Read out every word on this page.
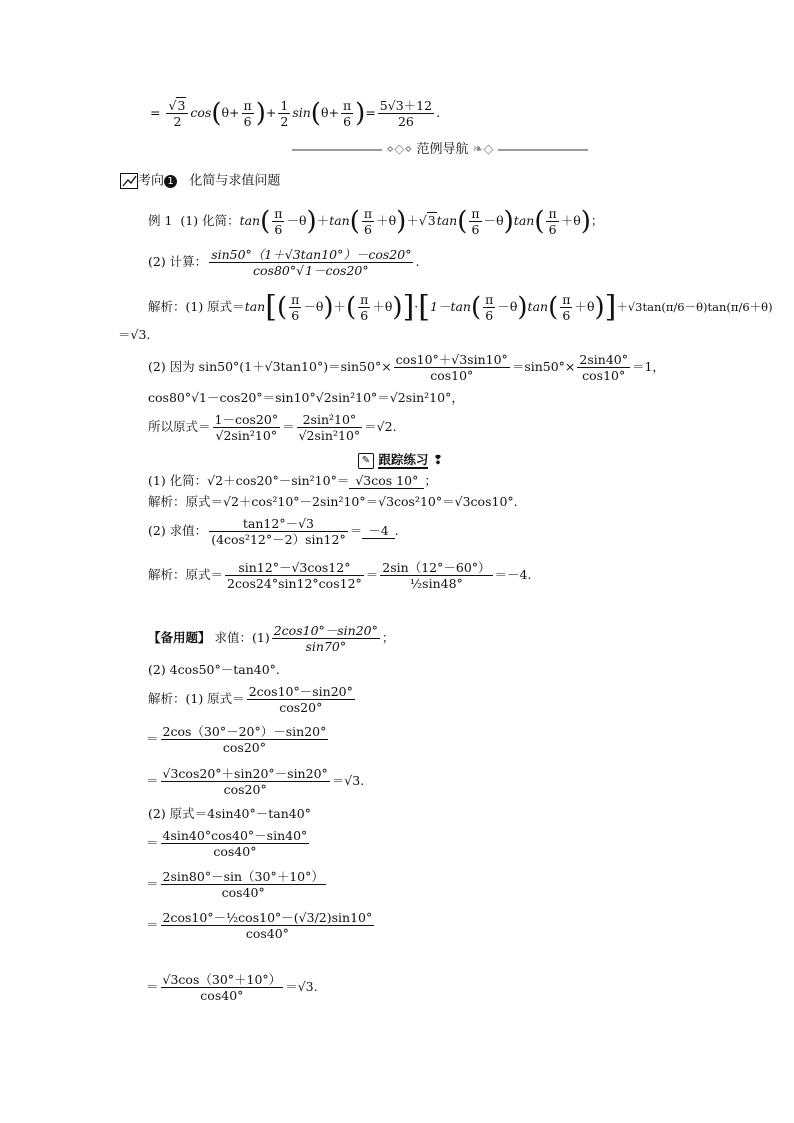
= $\frac{√3}{2} \cos(\theta+ \frac{\pi}{6}$ )+ $\frac{1}{2} \sin(\theta+ \frac{\pi}{6}$ )= $\frac{5√3+12}{26}$ .
⋄◇⋄ 范例导航 ❧◇
考向 1 化简与求值问题
例 1 (1) 化简：$\tan( \frac{\pi}{6} -\theta)+\tan( \frac{\pi}{6} +\theta)+√3\tan( \frac{\pi}{6} -\theta)\tan( \frac{\pi}{6} +\theta)$；
(2) 计算： $\frac{\sin 50^\circ(1+√3\tan 10^\circ)-\cos 20^\circ}{\cos 80^\circ√1-\cos 20^\circ}$ .
解析：(1) 原式$=\tan[( \frac{\pi}{6} -\theta)+( \frac{\pi}{6} +\theta)]\cdot[1-\tan( \frac{\pi}{6} -\theta)\tan( \frac{\pi}{6} +\theta)]+√3\tan(\pi/6-\theta)\tan(\pi/6+\theta)$
＝√3.
(2) 因为 $\sin 50^\circ(1+√3\tan 10^\circ)=\sin 50^\circ\times \frac{\cos 10^\circ+√3\sin 10^\circ}{\cos 10^\circ} =\sin 50^\circ\times \frac{2\sin 40^\circ}{\cos 10^\circ} =1$，
cos80°√1－cos20°＝sin10°√2sin²10°＝√2sin²10°，
所以原式＝ $\frac{1-\cos 20^\circ}{\text{√2sin²10°}} = \frac{\text{2sin²10°}}{\text{√2sin²10°}} =√2$.
✎ 跟踪练习 ❢
(1) 化简：√2＋cos20°－sin²10°＝ √3cos 10° ；
解析：原式＝√2＋cos²10°－2sin²10°＝√3cos²10°＝√3cos10°.
(2) 求值： $\frac{\tan 12^\circ-√3}{\text{(4cos²12°－2）sin12°}} = -4$ .
解析：原式＝ $\frac{\sin 12^\circ-√3\cos 12^\circ}{2\cos 24^\circ\sin 12^\circ\cos 12^\circ} = \frac{2\sin(12^\circ-60^\circ)}{\text{½sin48°}} =-4$.
【备用题】 求值：$(1) \frac{2\cos 10^\circ-\sin 20^\circ}{\sin 70^\circ}$ ；
(2) 4cos50°－tan40°.
解析：(1) 原式＝ $\frac{2\cos 10^\circ-\sin 20^\circ}{\cos 20^\circ}$
＝ $\frac{2\cos(30^\circ-20^\circ)-\sin 20^\circ}{\cos 20^\circ}$
＝ $\frac{√3\cos 20^\circ+\sin 20^\circ-\sin 20^\circ}{\cos 20^\circ} =√3$.
(2) 原式＝4sin40°－tan40°
＝ $\frac{4\sin 40^\circ\cos 40^\circ-\sin 40^\circ}{\cos 40^\circ}$
＝ $\frac{2\sin 80^\circ-\sin(30^\circ+10^\circ)}{\cos 40^\circ}$
＝ $\frac{\text{2cos10°－½cos10°－(√3/2)sin10°}}{\cos 40^\circ}$
＝ $\frac{√3\cos(30^\circ+10^\circ)}{\cos 40^\circ} =√3$.
